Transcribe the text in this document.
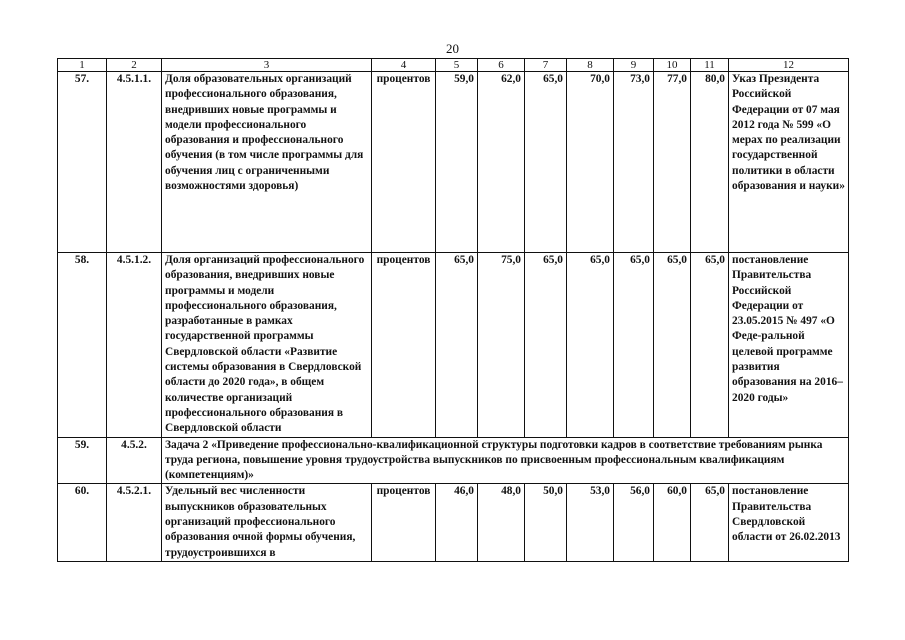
20
1	2	3	4	5	6	7	8	9	10	11	12
57.	4.5.1.1.	Доля образовательных организаций профессионального образования, внедривших новые программы и модели профессионального образования и профессионального обучения (в том числе программы для обучения лиц с ограниченными возможностями здоровья)	процентов	59,0	62,0	65,0	70,0	73,0	77,0	80,0	Указ Президента Российской Федерации от 07 мая 2012 года № 599 «О мерах по реализации государственной политики в области образования и науки»
58.	4.5.1.2.	Доля организаций профессионального образования, внедривших новые программы и модели профессионального образования, разработанные в рамках государственной программы Свердловской области «Развитие системы образования в Свердловской области до 2020 года», в общем количестве организаций профессионального образования в Свердловской области	процентов	65,0	75,0	65,0	65,0	65,0	65,0	65,0	постановление Правительства Российской Федерации от 23.05.2015 № 497 «О Феде-ральной целевой программе развития образования на 2016– 2020 годы»
59.	4.5.2.	Задача 2 «Приведение профессионально-квалификационной структуры подготовки кадров в соответствие требованиям рынка труда региона, повышение уровня трудоустройства выпускников по присвоенным профессиональным квалификациям (компетенциям)»									
60.	4.5.2.1.	Удельный вес численности выпускников образовательных организаций профессионального образования очной формы обучения, трудоустроившихся в	процентов	46,0	48,0	50,0	53,0	56,0	60,0	65,0	постановление Правительства Свердловской области от 26.02.2013
